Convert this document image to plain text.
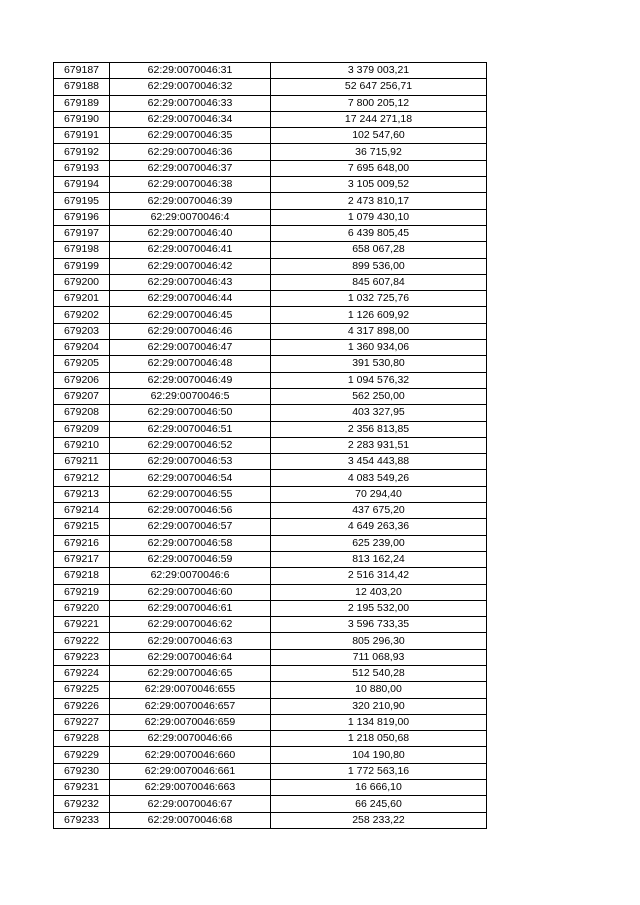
679187	62:29:0070046:31	3 379 003,21
679188	62:29:0070046:32	52 647 256,71
679189	62:29:0070046:33	7 800 205,12
679190	62:29:0070046:34	17 244 271,18
679191	62:29:0070046:35	102 547,60
679192	62:29:0070046:36	36 715,92
679193	62:29:0070046:37	7 695 648,00
679194	62:29:0070046:38	3 105 009,52
679195	62:29:0070046:39	2 473 810,17
679196	62:29:0070046:4	1 079 430,10
679197	62:29:0070046:40	6 439 805,45
679198	62:29:0070046:41	658 067,28
679199	62:29:0070046:42	899 536,00
679200	62:29:0070046:43	845 607,84
679201	62:29:0070046:44	1 032 725,76
679202	62:29:0070046:45	1 126 609,92
679203	62:29:0070046:46	4 317 898,00
679204	62:29:0070046:47	1 360 934,06
679205	62:29:0070046:48	391 530,80
679206	62:29:0070046:49	1 094 576,32
679207	62:29:0070046:5	562 250,00
679208	62:29:0070046:50	403 327,95
679209	62:29:0070046:51	2 356 813,85
679210	62:29:0070046:52	2 283 931,51
679211	62:29:0070046:53	3 454 443,88
679212	62:29:0070046:54	4 083 549,26
679213	62:29:0070046:55	70 294,40
679214	62:29:0070046:56	437 675,20
679215	62:29:0070046:57	4 649 263,36
679216	62:29:0070046:58	625 239,00
679217	62:29:0070046:59	813 162,24
679218	62:29:0070046:6	2 516 314,42
679219	62:29:0070046:60	12 403,20
679220	62:29:0070046:61	2 195 532,00
679221	62:29:0070046:62	3 596 733,35
679222	62:29:0070046:63	805 296,30
679223	62:29:0070046:64	711 068,93
679224	62:29:0070046:65	512 540,28
679225	62:29:0070046:655	10 880,00
679226	62:29:0070046:657	320 210,90
679227	62:29:0070046:659	1 134 819,00
679228	62:29:0070046:66	1 218 050,68
679229	62:29:0070046:660	104 190,80
679230	62:29:0070046:661	1 772 563,16
679231	62:29:0070046:663	16 666,10
679232	62:29:0070046:67	66 245,60
679233	62:29:0070046:68	258 233,22
